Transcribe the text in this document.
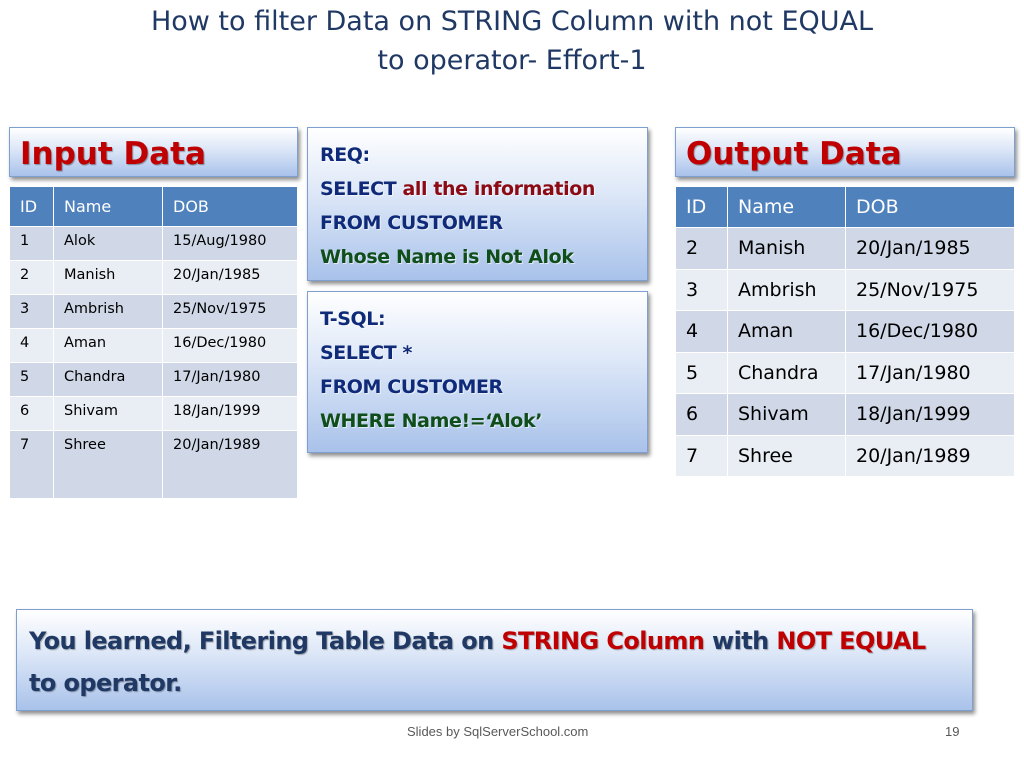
How to filter Data on STRING Column with not EQUAL
to operator- Effort-1
Input Data
ID	Name	DOB
1	Alok	15/Aug/1980
2	Manish	20/Jan/1985
3	Ambrish	25/Nov/1975
4	Aman	16/Dec/1980
5	Chandra	17/Jan/1980
6	Shivam	18/Jan/1999
7	Shree	20/Jan/1989
REQ:
SELECT all the information
FROM CUSTOMER
Whose Name is Not Alok
T-SQL:
SELECT *
FROM CUSTOMER
WHERE Name!=‘Alok’
Output Data
ID	Name	DOB
2	Manish	20/Jan/1985
3	Ambrish	25/Nov/1975
4	Aman	16/Dec/1980
5	Chandra	17/Jan/1980
6	Shivam	18/Jan/1999
7	Shree	20/Jan/1989
You learned, Filtering Table Data on STRING Column with NOT EQUAL to operator.
Slides by SqlServerSchool.com	19
